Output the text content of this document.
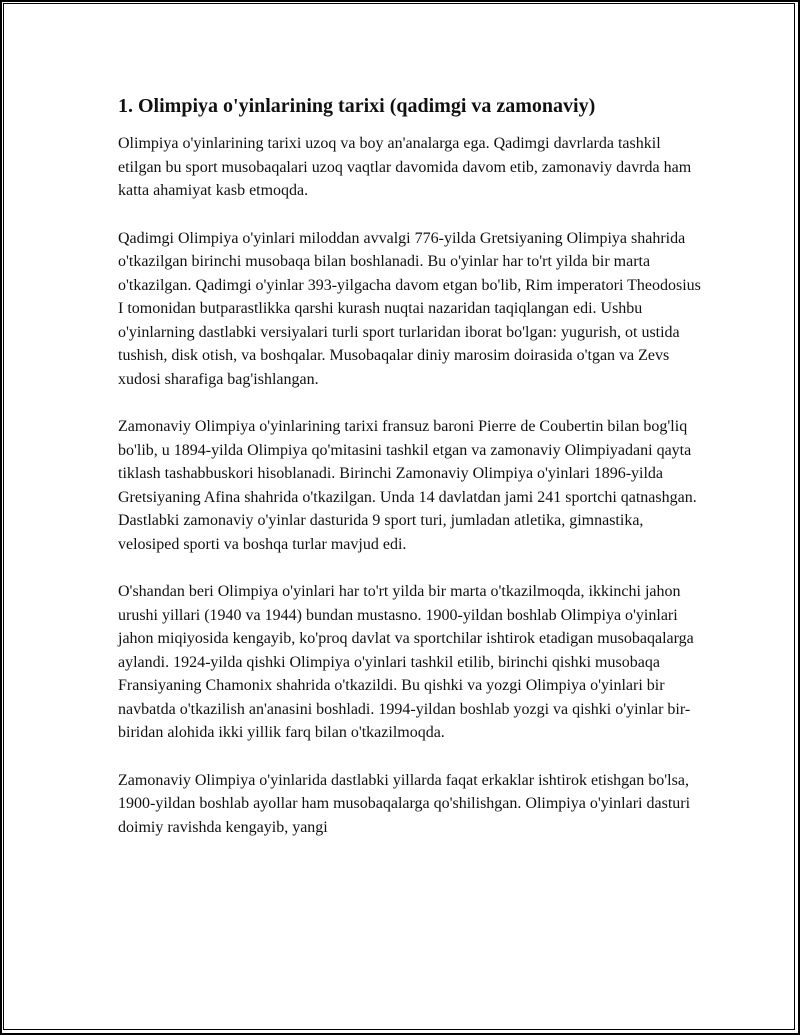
1. Olimpiya o'yinlarining tarixi (qadimgi va zamonaviy)

Olimpiya o'yinlarining tarixi uzoq va boy an'analarga ega. Qadimgi davrlarda tashkil etilgan bu sport musobaqalari uzoq vaqtlar davomida davom etib, zamonaviy davrda ham katta ahamiyat kasb etmoqda.

Qadimgi Olimpiya o'yinlari miloddan avvalgi 776-yilda Gretsiyaning Olimpiya shahrida o'tkazilgan birinchi musobaqa bilan boshlanadi. Bu o'yinlar har to'rt yilda bir marta o'tkazilgan. Qadimgi o'yinlar 393-yilgacha davom etgan bo'lib, Rim imperatori Theodosius I tomonidan butparastlikka qarshi kurash nuqtai nazaridan taqiqlangan edi. Ushbu o'yinlarning dastlabki versiyalari turli sport turlaridan iborat bo'lgan: yugurish, ot ustida tushish, disk otish, va boshqalar. Musobaqalar diniy marosim doirasida o'tgan va Zevs xudosi sharafiga bag'ishlangan.

Zamonaviy Olimpiya o'yinlarining tarixi fransuz baroni Pierre de Coubertin bilan bog'liq bo'lib, u 1894-yilda Olimpiya qo'mitasini tashkil etgan va zamonaviy Olimpiyadani qayta tiklash tashabbuskori hisoblanadi. Birinchi Zamonaviy Olimpiya o'yinlari 1896-yilda Gretsiyaning Afina shahrida o'tkazilgan. Unda 14 davlatdan jami 241 sportchi qatnashgan. Dastlabki zamonaviy o'yinlar dasturida 9 sport turi, jumladan atletika, gimnastika, velosiped sporti va boshqa turlar mavjud edi.

O'shandan beri Olimpiya o'yinlari har to'rt yilda bir marta o'tkazilmoqda, ikkinchi jahon urushi yillari (1940 va 1944) bundan mustasno. 1900-yildan boshlab Olimpiya o'yinlari jahon miqiyosida kengayib, ko'proq davlat va sportchilar ishtirok etadigan musobaqalarga aylandi. 1924-yilda qishki Olimpiya o'yinlari tashkil etilib, birinchi qishki musobaqa Fransiyaning Chamonix shahrida o'tkazildi. Bu qishki va yozgi Olimpiya o'yinlari bir navbatda o'tkazilish an'anasini boshladi. 1994-yildan boshlab yozgi va qishki o'yinlar bir-biridan alohida ikki yillik farq bilan o'tkazilmoqda.

Zamonaviy Olimpiya o'yinlarida dastlabki yillarda faqat erkaklar ishtirok etishgan bo'lsa, 1900-yildan boshlab ayollar ham musobaqalarga qo'shilishgan. Olimpiya o'yinlari dasturi doimiy ravishda kengayib, yangi
